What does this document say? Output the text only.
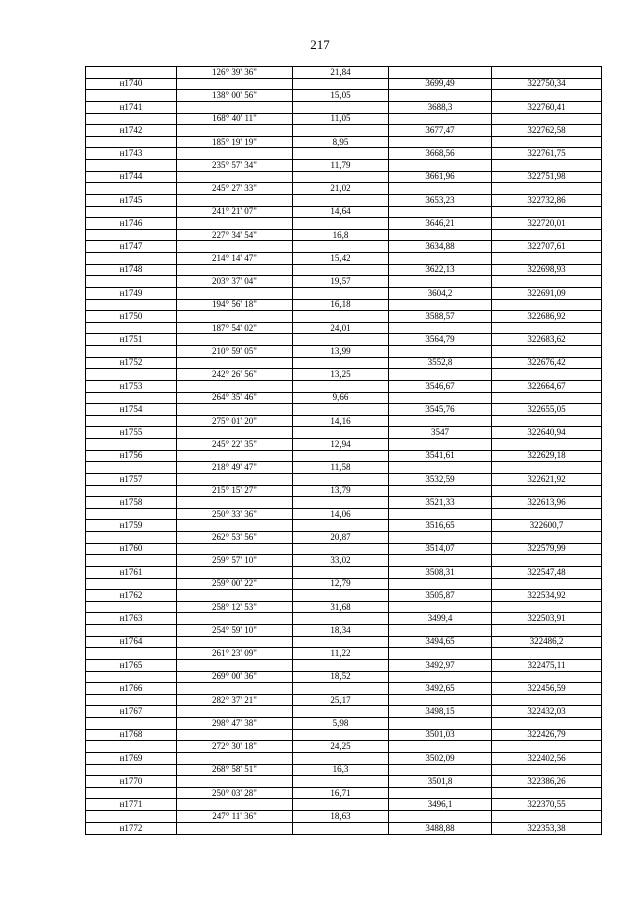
217
	126° 39' 36"	21,84		
н1740			3699,49	322750,34
	138° 00' 56"	15,05		
н1741			3688,3	322760,41
	168° 40' 11"	11,05		
н1742			3677,47	322762,58
	185° 19' 19"	8,95		
н1743			3668,56	322761,75
	235° 57' 34"	11,79		
н1744			3661,96	322751,98
	245° 27' 33"	21,02		
н1745			3653,23	322732,86
	241° 21' 07"	14,64		
н1746			3646,21	322720,01
	227° 34' 54"	16,8		
н1747			3634,88	322707,61
	214° 14' 47"	15,42		
н1748			3622,13	322698,93
	203° 37' 04"	19,57		
н1749			3604,2	322691,09
	194° 56' 18"	16,18		
н1750			3588,57	322686,92
	187° 54' 02"	24,01		
н1751			3564,79	322683,62
	210° 59' 05"	13,99		
н1752			3552,8	322676,42
	242° 26' 56"	13,25		
н1753			3546,67	322664,67
	264° 35' 46"	9,66		
н1754			3545,76	322655,05
	275° 01' 20"	14,16		
н1755			3547	322640,94
	245° 22' 35"	12,94		
н1756			3541,61	322629,18
	218° 49' 47"	11,58		
н1757			3532,59	322621,92
	215° 15' 27"	13,79		
н1758			3521,33	322613,96
	250° 33' 36"	14,06		
н1759			3516,65	322600,7
	262° 53' 56"	20,87		
н1760			3514,07	322579,99
	259° 57' 10"	33,02		
н1761			3508,31	322547,48
	259° 00' 22"	12,79		
н1762			3505,87	322534,92
	258° 12' 53"	31,68		
н1763			3499,4	322503,91
	254° 59' 10"	18,34		
н1764			3494,65	322486,2
	261° 23' 09"	11,22		
н1765			3492,97	322475,11
	269° 00' 36"	18,52		
н1766			3492,65	322456,59
	282° 37' 21"	25,17		
н1767			3498,15	322432,03
	298° 47' 38"	5,98		
н1768			3501,03	322426,79
	272° 30' 18"	24,25		
н1769			3502,09	322402,56
	268° 58' 51"	16,3		
н1770			3501,8	322386,26
	250° 03' 28"	16,71		
н1771			3496,1	322370,55
	247° 11' 36"	18,63		
н1772			3488,88	322353,38
